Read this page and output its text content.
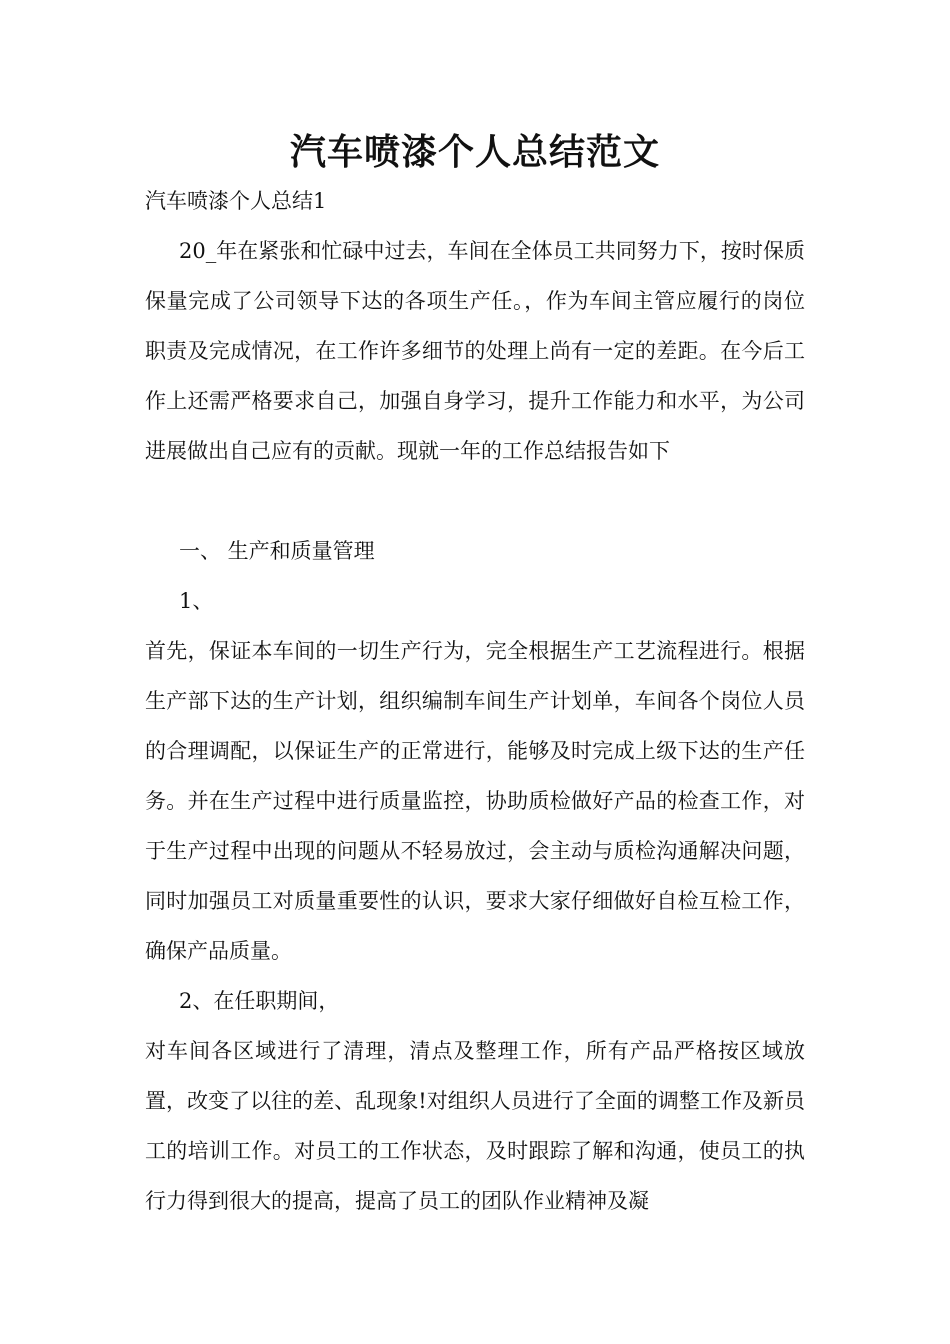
汽车喷漆个人总结范文
汽车喷漆个人总结1
20_年在紧张和忙碌中过去，车间在全体员工共同努力下，按时保质保量完成了公司领导下达的各项生产任。，作为车间主管应履行的岗位职责及完成情况，在工作许多细节的处理上尚有一定的差距。在今后工作上还需严格要求自己，加强自身学习，提升工作能力和水平，为公司进展做出自己应有的贡献。现就一年的工作总结报告如下
一、 生产和质量管理
1、
首先，保证本车间的一切生产行为，完全根据生产工艺流程进行。根据生产部下达的生产计划，组织编制车间生产计划单，车间各个岗位人员的合理调配，以保证生产的正常进行，能够及时完成上级下达的生产任务。并在生产过程中进行质量监控，协助质检做好产品的检查工作，对于生产过程中出现的问题从不轻易放过，会主动与质检沟通解决问题，同时加强员工对质量重要性的认识，要求大家仔细做好自检互检工作，确保产品质量。
2、在任职期间，
对车间各区域进行了清理，清点及整理工作，所有产品严格按区域放置，改变了以往的差、乱现象!对组织人员进行了全面的调整工作及新员工的培训工作。对员工的工作状态，及时跟踪了解和沟通，使员工的执行力得到很大的提高，提高了员工的团队作业精神及凝
